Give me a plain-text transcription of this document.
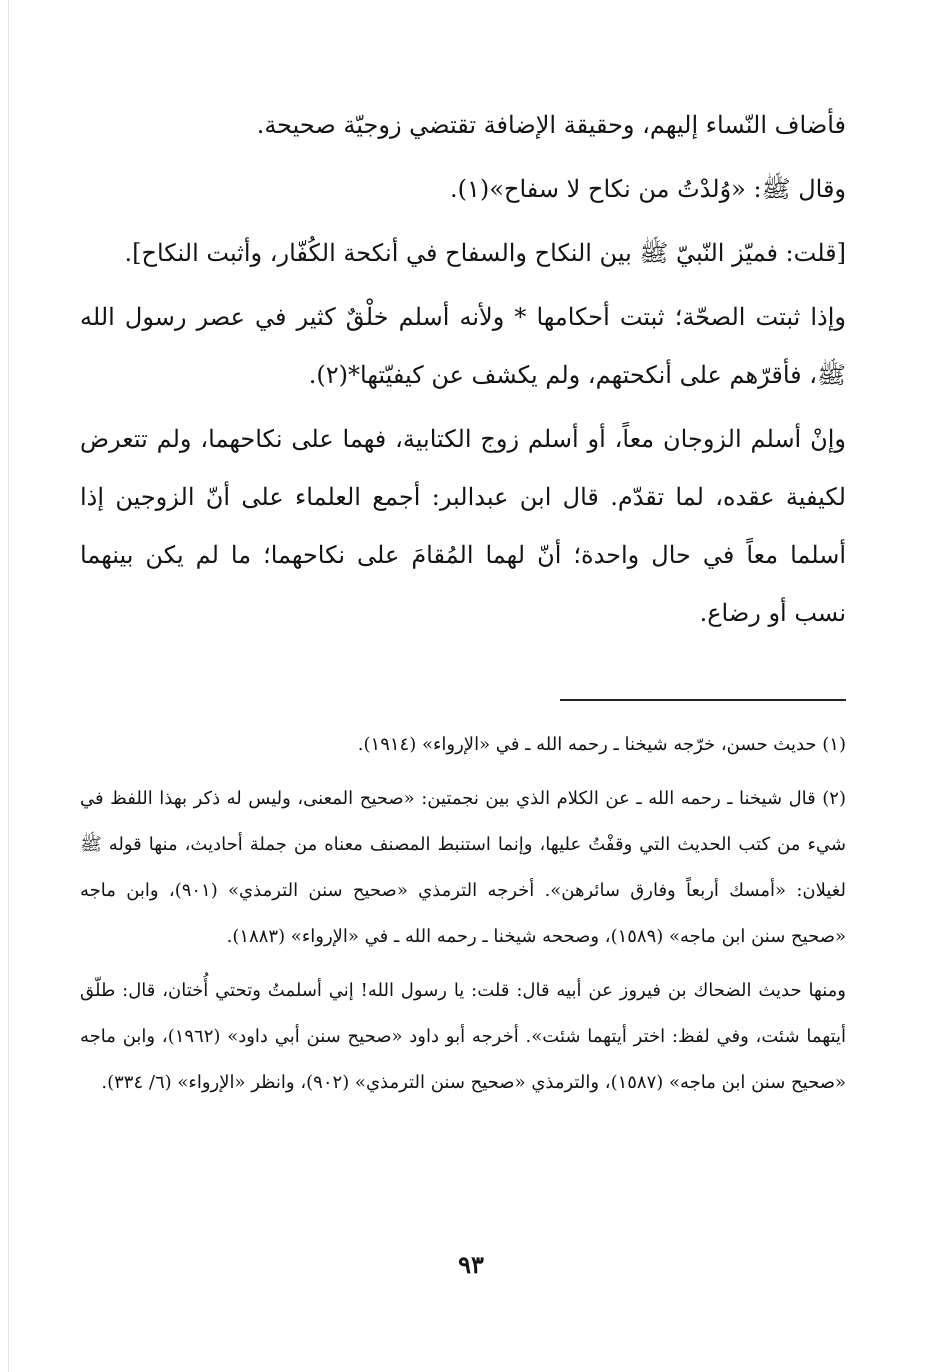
فأضاف النّساء إليهم، وحقيقة الإضافة تقتضي زوجيّة صحيحة.

وقال ﷺ: «وُلدْتُ من نكاح لا سفاح»(١).

[قلت: فميّز النّبيّ ﷺ بين النكاح والسفاح في أنكحة الكُفّار، وأثبت النكاح].

وإذا ثبتت الصحّة؛ ثبتت أحكامها * ولأنه أسلم خلْقٌ كثير في عصر رسول الله ﷺ، فأقرّهم على أنكحتهم، ولم يكشف عن كيفيّتها*(٢).

وإنْ أسلم الزوجان معاً، أو أسلم زوج الكتابية، فهما على نكاحهما، ولم تتعرض لكيفية عقده، لما تقدّم. قال ابن عبدالبر: أجمع العلماء على أنّ الزوجين إذا أسلما معاً في حال واحدة؛ أنّ لهما المُقامَ على نكاحهما؛ ما لم يكن بينهما نسب أو رضاع.

(١) حديث حسن، خرّجه شيخنا ـ رحمه الله ـ في «الإرواء» (١٩١٤).

(٢) قال شيخنا ـ رحمه الله ـ عن الكلام الذي بين نجمتين: «صحيح المعنى، وليس له ذكر بهذا اللفظ في شيء من كتب الحديث التي وقفْتُ عليها، وإنما استنبط المصنف معناه من جملة أحاديث، منها قوله ﷺ لغيلان: «أمسك أربعاً وفارق سائرهن». أخرجه الترمذي «صحيح سنن الترمذي» (٩٠١)، وابن ماجه «صحيح سنن ابن ماجه» (١٥٨٩)، وصححه شيخنا ـ رحمه الله ـ في «الإرواء» (١٨٨٣).

ومنها حديث الضحاك بن فيروز عن أبيه قال: قلت: يا رسول الله! إني أسلمتُ وتحتي أُختان، قال: طلّق أيتهما شئت، وفي لفظ: اختر أيتهما شئت». أخرجه أبو داود «صحيح سنن أبي داود» (١٩٦٢)، وابن ماجه «صحيح سنن ابن ماجه» (١٥٨٧)، والترمذي «صحيح سنن الترمذي» (٩٠٢)، وانظر «الإرواء» (٦/ ٣٣٤).

٩٣
